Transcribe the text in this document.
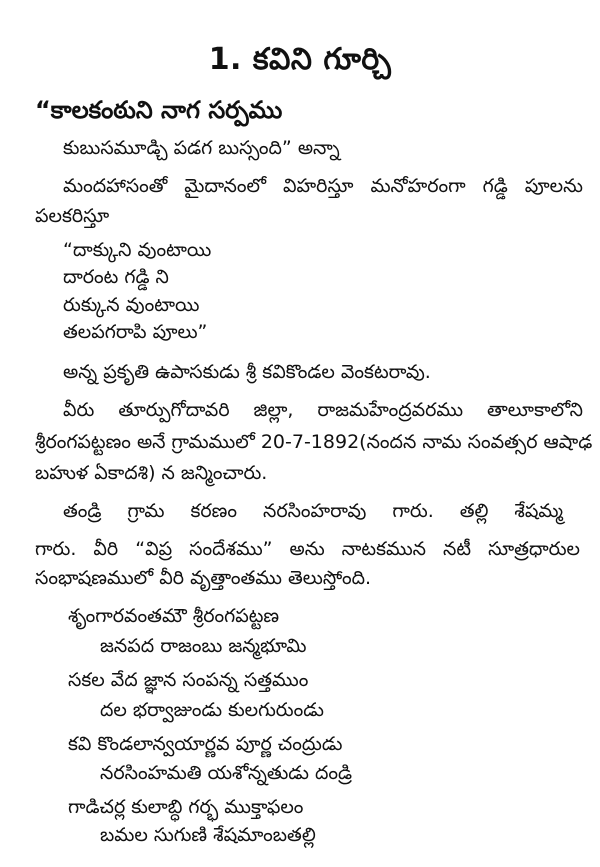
1. కవిని గూర్చి
“కాలకంఠుని నాగ సర్పము
కుబుసమూడ్చి పడగ బుస్సంది” అన్నా
మందహాసంతో మైదానంలో విహరిస్తూ మనోహరంగా గడ్డి పూలను
పలకరిస్తూ
“దాక్కుని వుంటాయి
దారంట గడ్డి ని
రుక్కున వుంటాయి
తలపగరాపి పూలు”
అన్న ప్రకృతి ఉపాసకుడు శ్రీ కవికొండల వెంకటరావు.
వీరు తూర్పుగోదావరి జిల్లా, రాజమహేంద్రవరము తాలూకాలోని
శ్రీరంగపట్టణం అనే గ్రామములో 20-7-1892(నందన నామ సంవత్సర ఆషాఢ
బహుళ ఏకాదశి) న జన్మించారు.
తండ్రి గ్రామ కరణం నరసింహరావు గారు. తల్లి శేషమ్మ
గారు. వీరి “విప్ర సందేశము” అను నాటకమున నటీ సూత్రధారుల
సంభాషణములో వీరి వృత్తాంతము తెలుస్తోంది.
శృంగారవంతమౌ శ్రీరంగపట్టణ
జనపద రాజంబు జన్మభూమి
సకల వేద జ్ఞాన సంపన్న సత్తముం
దల భర్వాజుండు కులగురుండు
కవి కొండలాన్వయార్ణవ పూర్ణ చంద్రుడు
నరసింహమతి యశోన్నతుడు దండ్రి
గాడిచర్ల కులాబ్ధి గర్భ ముక్తాఫలం
బమల సుగుణి శేషమాంబతల్లి
